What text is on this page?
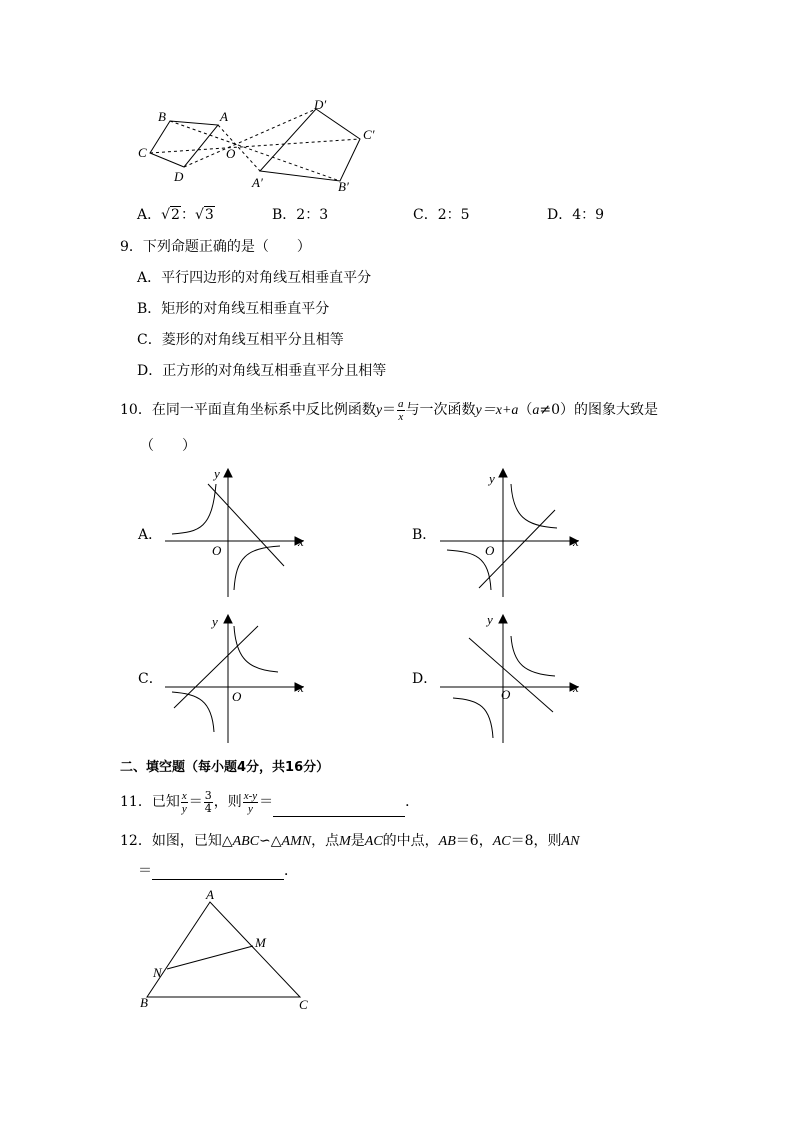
B	A
C
D
O
D′
C′
A′	B′
A．√2：√3	B．2：3	C．2：5	D．4：9
9．下列命题正确的是（　　）
A．平行四边形的对角线互相垂直平分
B．矩形的对角线互相垂直平分
C．菱形的对角线互相平分且相等
D．正方形的对角线互相垂直平分且相等
10．在同一平面直角坐标系中反比例函数$y= \frac{a}{x}$ 与一次函数y＝x+a（a≠0）的图象大致是
（　　）
A．
y
x
O
B．
y
x
O
C．
y
x
O
D．
y
x
O
二、填空题（每小题4分，共16分）
11．已知 $\frac{x}{y} = \frac{3}{4}$ ，则 $\frac{x-y}{y}$ ＝	．
12．如图，已知△ABC∽△AMN，点M是AC的中点，AB＝6，AC＝8，则AN
＝	．
A
M
N
B	C
